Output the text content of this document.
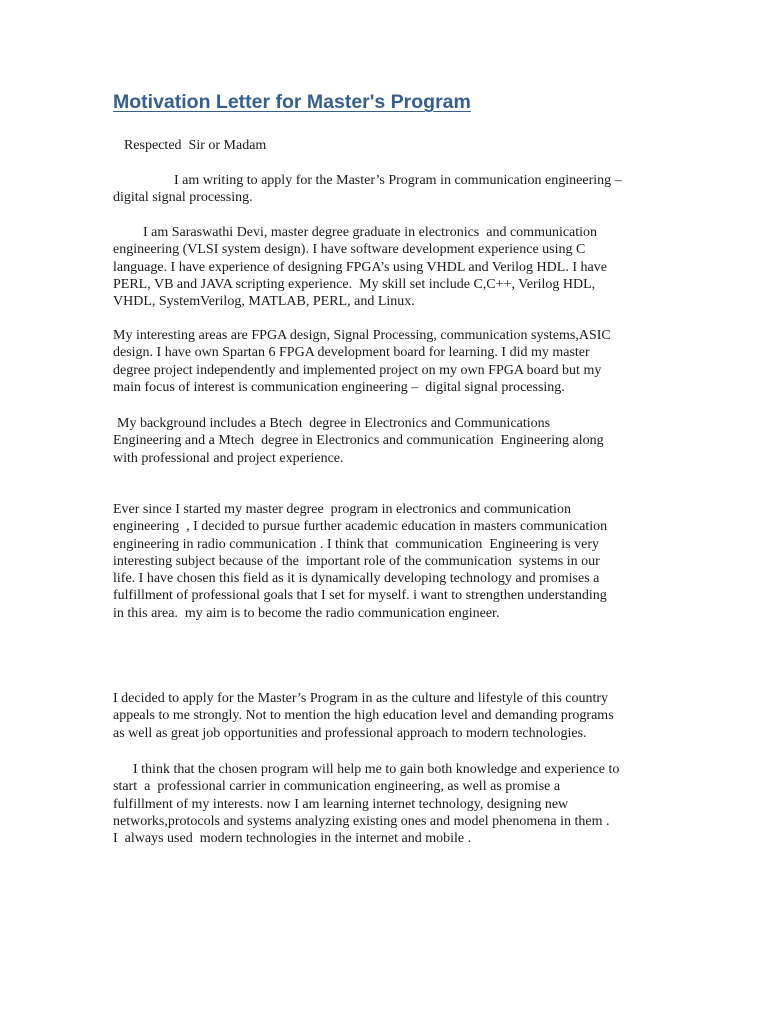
Motivation Letter for Master's Program

Respected  Sir or Madam

I am writing to apply for the Master’s Program in communication engineering –
digital signal processing.

I am Saraswathi Devi, master degree graduate in electronics  and communication
engineering (VLSI system design). I have software development experience using C
language. I have experience of designing FPGA’s using VHDL and Verilog HDL. I have
PERL, VB and JAVA scripting experience.  My skill set include C,C++, Verilog HDL,
VHDL, SystemVerilog, MATLAB, PERL, and Linux.

My interesting areas are FPGA design, Signal Processing, communication systems,ASIC
design. I have own Spartan 6 FPGA development board for learning. I did my master
degree project independently and implemented project on my own FPGA board but my
main focus of interest is communication engineering –  digital signal processing.

My background includes a Btech  degree in Electronics and Communications
Engineering and a Mtech  degree in Electronics and communication  Engineering along
with professional and project experience.

Ever since I started my master degree  program in electronics and communication
engineering  , I decided to pursue further academic education in masters communication
engineering in radio communication . I think that  communication  Engineering is very
interesting subject because of the  important role of the communication  systems in our
life. I have chosen this field as it is dynamically developing technology and promises a
fulfillment of professional goals that I set for myself. i want to strengthen understanding
in this area.  my aim is to become the radio communication engineer.

I decided to apply for the Master’s Program in as the culture and lifestyle of this country
appeals to me strongly. Not to mention the high education level and demanding programs
as well as great job opportunities and professional approach to modern technologies.

I think that the chosen program will help me to gain both knowledge and experience to
start  a  professional carrier in communication engineering, as well as promise a
fulfillment of my interests. now I am learning internet technology, designing new
networks,protocols and systems analyzing existing ones and model phenomena in them .
I  always used  modern technologies in the internet and mobile .
